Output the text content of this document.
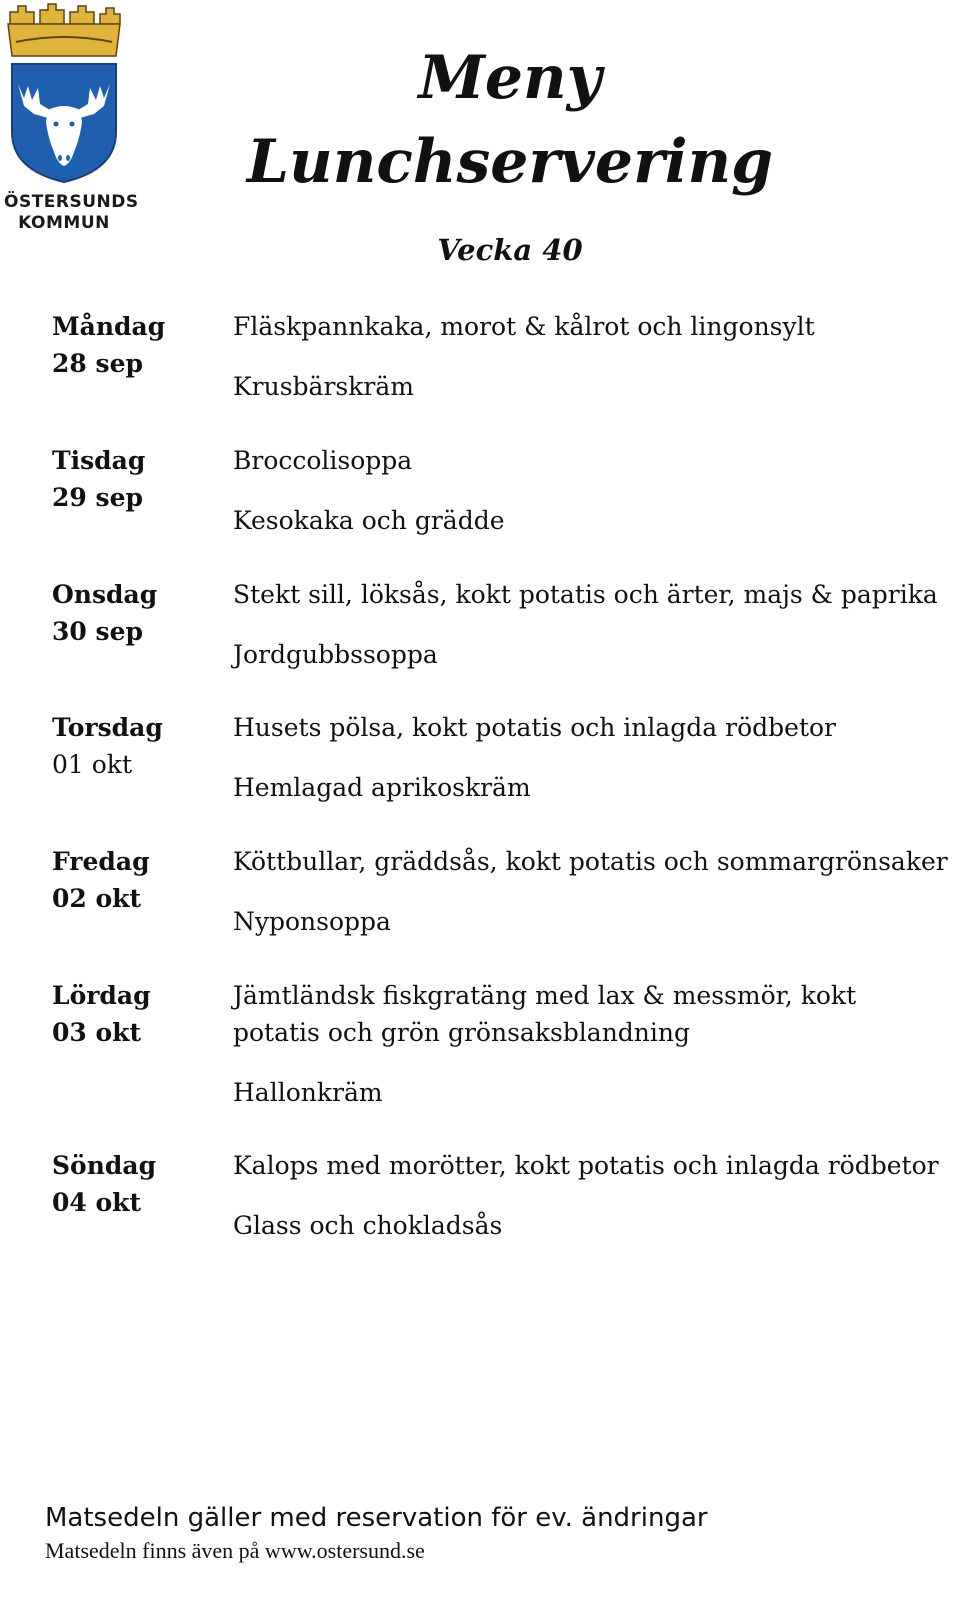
ÖSTERSUNDS
KOMMUN
Meny
Lunchservering
Vecka 40
Måndag
28 sep

Fläskpannkaka, morot & kålrot och lingonsylt

Krusbärskräm

Tisdag
29 sep

Broccolisoppa

Kesokaka och grädde

Onsdag
30 sep

Stekt sill, löksås, kokt potatis och ärter, majs & paprika

Jordgubbssoppa

Torsdag
01 okt

Husets pölsa, kokt potatis och inlagda rödbetor

Hemlagad aprikoskräm

Fredag
02 okt

Köttbullar, gräddsås, kokt potatis och sommargrönsaker

Nyponsoppa

Lördag
03 okt

Jämtländsk fiskgratäng med lax & messmör, kokt potatis och grön grönsaksblandning

Hallonkräm

Söndag
04 okt

Kalops med morötter, kokt potatis och inlagda rödbetor

Glass och chokladsås

Matsedeln gäller med reservation för ev. ändringar
Matsedeln finns även på www.ostersund.se
